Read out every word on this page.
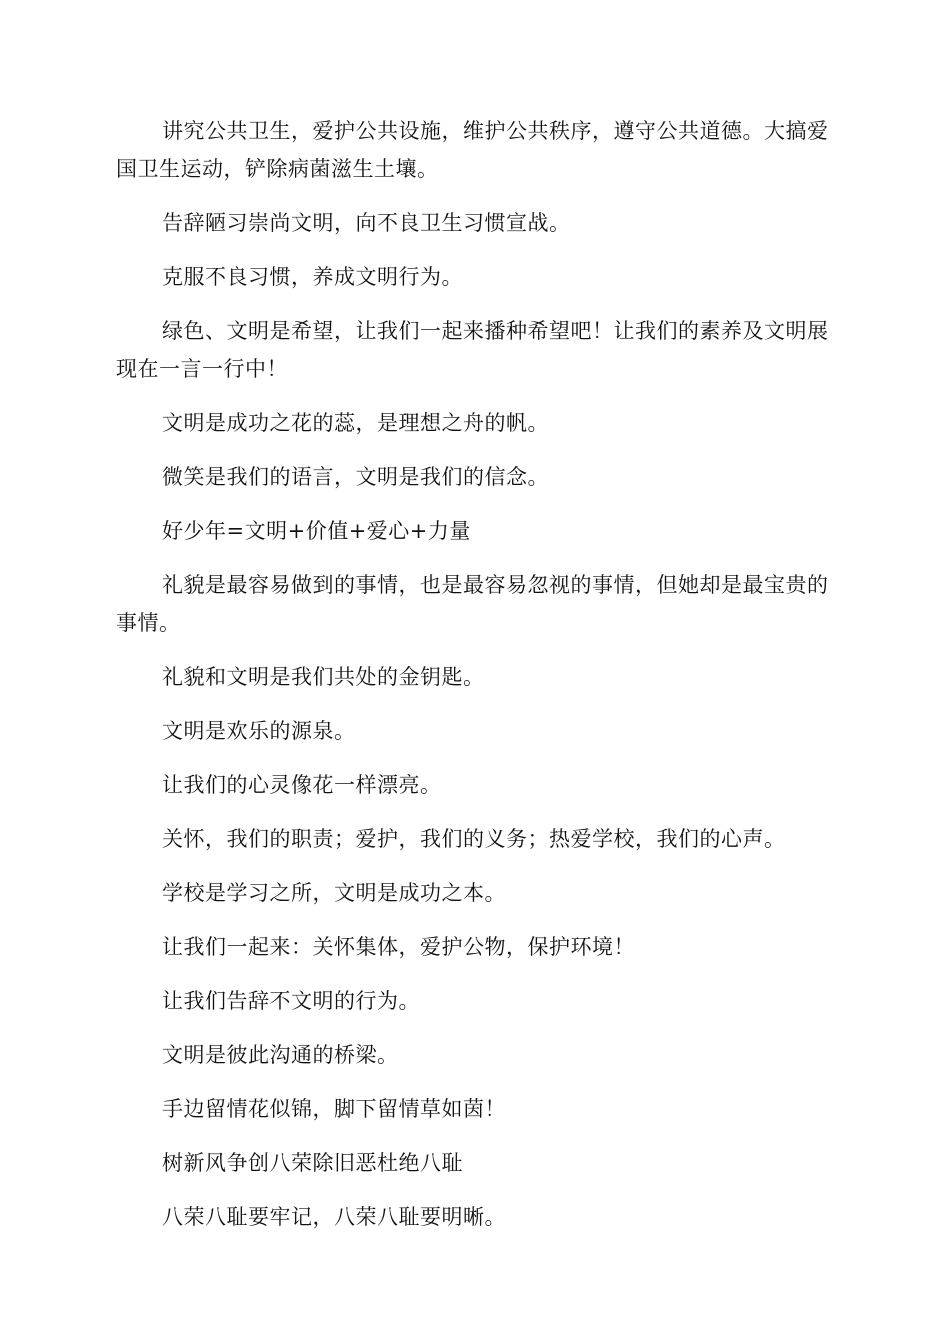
讲究公共卫生，爱护公共设施，维护公共秩序，遵守公共道德。大搞爱国卫生运动，铲除病菌滋生土壤。

告辞陋习崇尚文明，向不良卫生习惯宣战。

克服不良习惯，养成文明行为。

绿色、文明是希望，让我们一起来播种希望吧！让我们的素养及文明展现在一言一行中！

文明是成功之花的蕊，是理想之舟的帆。

微笑是我们的语言，文明是我们的信念。

好少年=文明+价值+爱心+力量

礼貌是最容易做到的事情，也是最容易忽视的事情，但她却是最宝贵的事情。

礼貌和文明是我们共处的金钥匙。

文明是欢乐的源泉。

让我们的心灵像花一样漂亮。

关怀，我们的职责；爱护，我们的义务；热爱学校，我们的心声。

学校是学习之所，文明是成功之本。

让我们一起来：关怀集体，爱护公物，保护环境！

让我们告辞不文明的行为。

文明是彼此沟通的桥梁。

手边留情花似锦，脚下留情草如茵！

树新风争创八荣除旧恶杜绝八耻

八荣八耻要牢记，八荣八耻要明晰。
